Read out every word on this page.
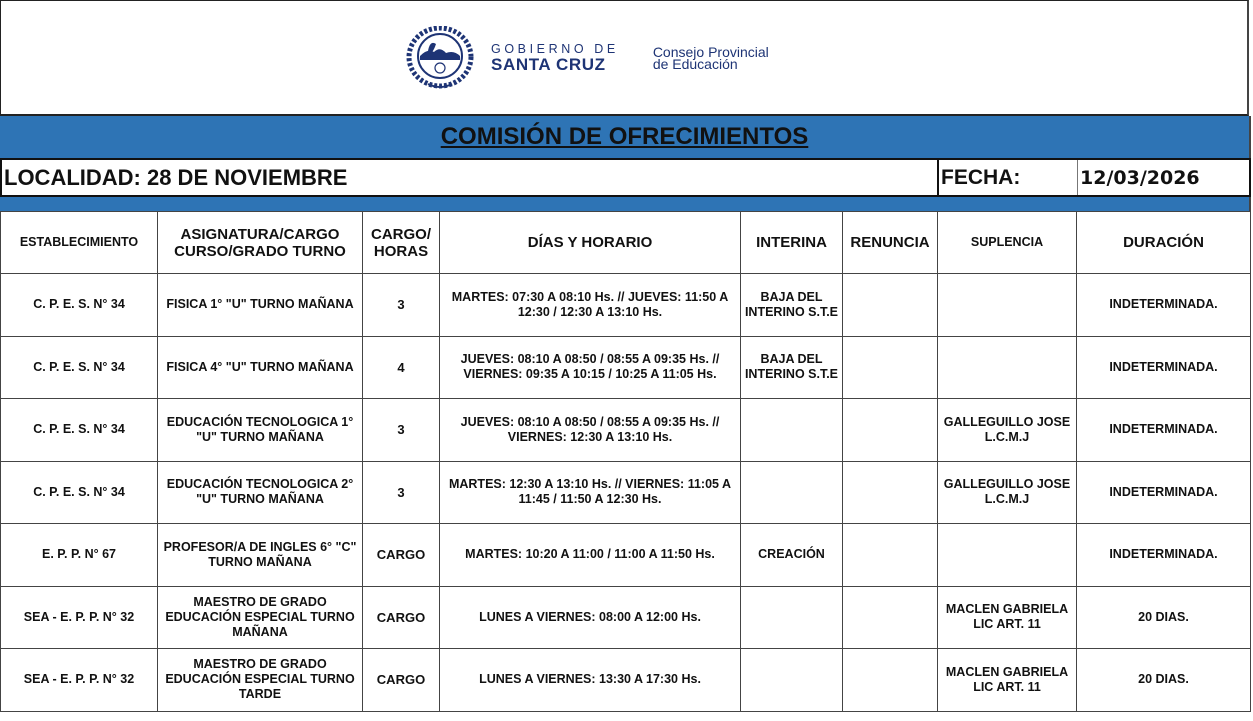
GOBIERNO DE
SANTA CRUZ
Consejo Provincial
de Educación
COMISIÓN DE OFRECIMIENTOS
LOCALIDAD: 28 DE NOVIEMBRE	FECHA:	12/03/2026
ESTABLECIMIENTO	ASIGNATURA/CARGO CURSO/GRADO TURNO	CARGO/ HORAS	DÍAS Y HORARIO	INTERINA	RENUNCIA	SUPLENCIA	DURACIÓN
C. P. E. S. N° 34	FISICA 1° "U" TURNO MAÑANA	3	MARTES: 07:30 A 08:10 Hs. // JUEVES: 11:50 A 12:30 / 12:30 A 13:10 Hs.	BAJA DEL INTERINO S.T.E			INDETERMINADA.
C. P. E. S. N° 34	FISICA 4° "U" TURNO MAÑANA	4	JUEVES: 08:10 A 08:50 / 08:55 A 09:35 Hs. // VIERNES: 09:35 A 10:15 / 10:25 A 11:05 Hs.	BAJA DEL INTERINO S.T.E			INDETERMINADA.
C. P. E. S. N° 34	EDUCACIÓN TECNOLOGICA 1° "U" TURNO MAÑANA	3	JUEVES: 08:10 A 08:50 / 08:55 A 09:35 Hs. // VIERNES: 12:30 A 13:10 Hs.			GALLEGUILLO JOSE L.C.M.J	INDETERMINADA.
C. P. E. S. N° 34	EDUCACIÓN TECNOLOGICA 2° "U" TURNO MAÑANA	3	MARTES: 12:30 A 13:10 Hs. // VIERNES: 11:05 A 11:45 / 11:50 A 12:30 Hs.			GALLEGUILLO JOSE L.C.M.J	INDETERMINADA.
E. P. P. N° 67	PROFESOR/A DE INGLES 6° "C" TURNO MAÑANA	CARGO	MARTES: 10:20 A 11:00 / 11:00 A 11:50 Hs.	CREACIÓN			INDETERMINADA.
SEA - E. P. P. N° 32	MAESTRO DE GRADO EDUCACIÓN ESPECIAL TURNO MAÑANA	CARGO	LUNES A VIERNES: 08:00 A 12:00 Hs.			MACLEN GABRIELA LIC ART. 11	20 DIAS.
SEA - E. P. P. N° 32	MAESTRO DE GRADO EDUCACIÓN ESPECIAL TURNO TARDE	CARGO	LUNES A VIERNES: 13:30 A 17:30 Hs.			MACLEN GABRIELA LIC ART. 11	20 DIAS.
